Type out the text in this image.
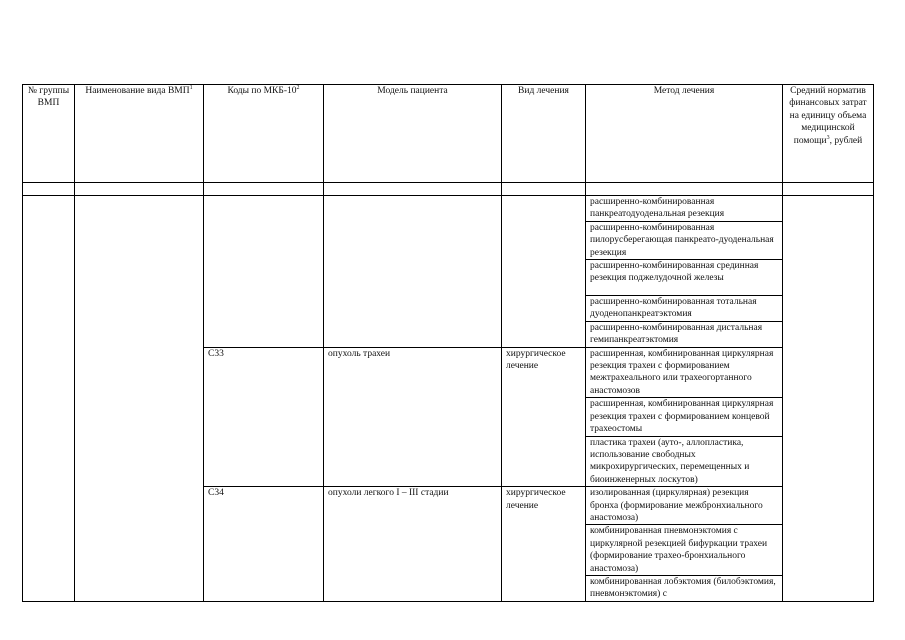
№ группы ВМП	Наименование вида ВМП$^1$	Коды по МКБ-$10^2$	Модель пациента	Вид лечения	Метод лечения	Средний норматив финансовых затрат на единицу объема медицинской помощи$^3$, рублей

					расширенно-комбинированная панкреатодуоденальная резекция	
					расширенно-комбинированная пилорусберегающая панкреато-дуоденальная резекция	
					расширенно-комбинированная срединная резекция поджелудочной железы	
					расширенно-комбинированная тотальная дуоденопанкреатэктомия	
					расширенно-комбинированная дистальная гемипанкреатэктомия	
		C33	опухоль трахеи	хирургическое лечение	расширенная, комбинированная циркулярная резекция трахеи с формированием межтрахеального или трахеогортанного анастомозов	
					расширенная, комбинированная циркулярная резекция трахеи с формированием концевой трахеостомы	
					пластика трахеи (ауто-, аллопластика, использование свободных микрохирургических, перемещенных и биоинженерных лоскутов)	
		C34	опухоли легкого I – III стадии	хирургическое лечение	изолированная (циркулярная) резекция бронха (формирование межбронхиального анастомоза)	
					комбинированная пневмонэктомия с циркулярной резекцией бифуркации трахеи (формирование трахео-бронхиального анастомоза)	
					комбинированная лобэктомия (билобэктомия, пневмонэктомия) с	
